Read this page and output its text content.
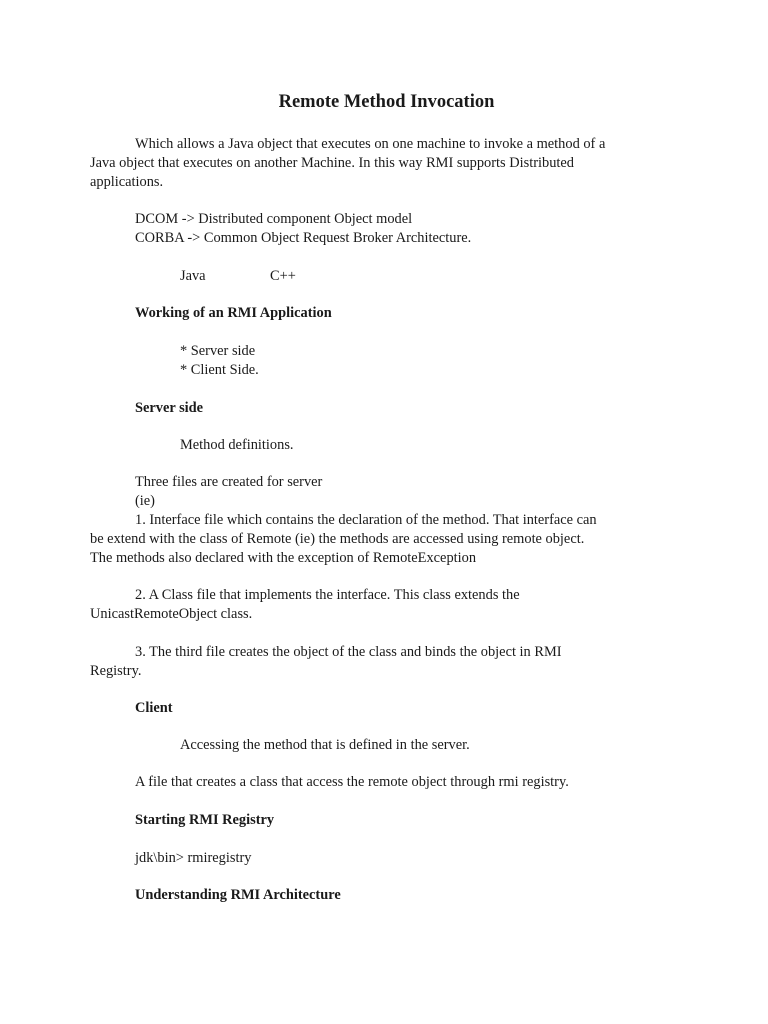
Remote Method Invocation
Which allows a Java object that executes on one machine to invoke a method of a
Java object that executes on another Machine. In this way RMI supports Distributed
applications.
DCOM -> Distributed component Object model
CORBA -> Common Object Request Broker Architecture.
Java	C++
Working of an RMI Application
* Server side
* Client Side.
Server side
Method definitions.
Three files are created for server
(ie)
1. Interface file which contains the declaration of the method. That interface can
be extend with the class of Remote (ie) the methods are accessed using remote object.
The methods also declared with the exception of RemoteException
2. A Class file that implements the interface. This class extends the
UnicastRemoteObject class.
3. The third file creates the object of the class and binds the object in RMI
Registry.
Client
Accessing the method that is defined in the server.
A file that creates a class that access the remote object through rmi registry.
Starting RMI Registry
jdk\bin> rmiregistry
Understanding RMI Architecture
